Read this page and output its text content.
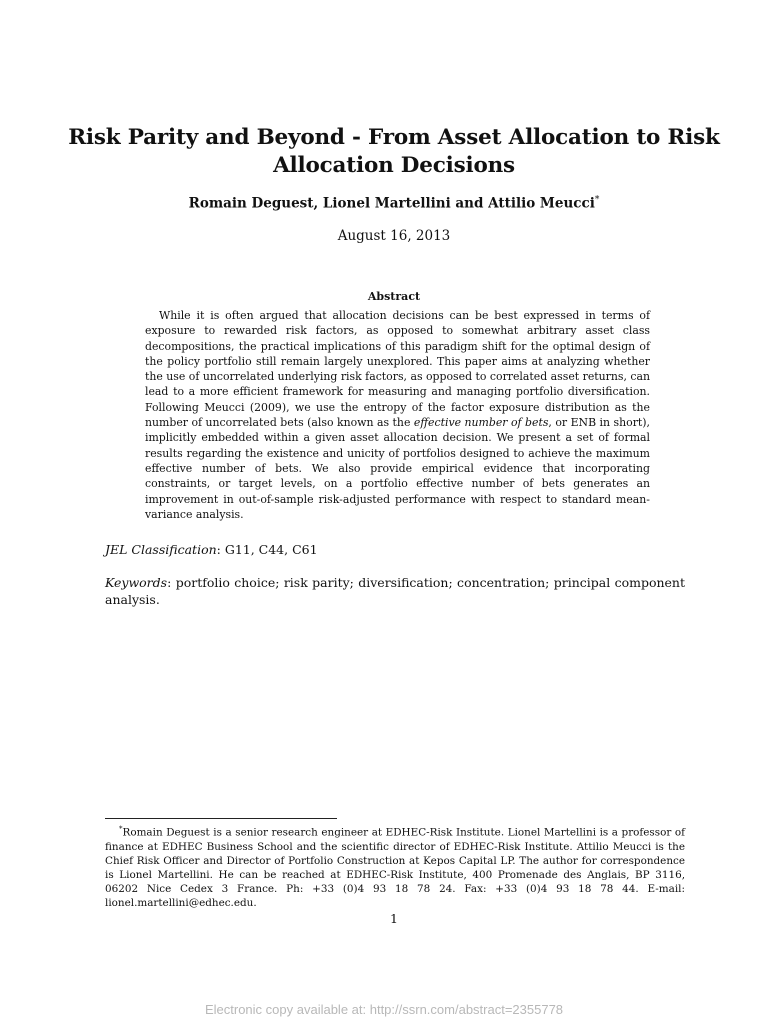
Risk Parity and Beyond - From Asset Allocation to Risk Allocation Decisions
Romain Deguest, Lionel Martellini and Attilio Meucci*
August 16, 2013
Abstract

While it is often argued that allocation decisions can be best expressed in terms of exposure to rewarded risk factors, as opposed to somewhat arbitrary asset class decompositions, the practical implications of this paradigm shift for the optimal design of the policy portfolio still remain largely unexplored. This paper aims at analyzing whether the use of uncorrelated underlying risk factors, as opposed to correlated asset returns, can lead to a more efficient framework for measuring and managing portfolio diversification. Following Meucci (2009), we use the entropy of the factor exposure distribution as the number of uncorrelated bets (also known as the effective number of bets, or ENB in short), implicitly embedded within a given asset allocation decision. We present a set of formal results regarding the existence and unicity of portfolios designed to achieve the maximum effective number of bets. We also provide empirical evidence that incorporating constraints, or target levels, on a portfolio effective number of bets generates an improvement in out-of-sample risk-adjusted performance with respect to standard mean-variance analysis.

JEL Classification: G11, C44, C61
Keywords: portfolio choice; risk parity; diversification; concentration; principal component analysis.

*Romain Deguest is a senior research engineer at EDHEC-Risk Institute. Lionel Martellini is a professor of finance at EDHEC Business School and the scientific director of EDHEC-Risk Institute. Attilio Meucci is the Chief Risk Officer and Director of Portfolio Construction at Kepos Capital LP. The author for correspondence is Lionel Martellini. He can be reached at EDHEC-Risk Institute, 400 Promenade des Anglais, BP 3116, 06202 Nice Cedex 3 France. Ph: +33 (0)4 93 18 78 24. Fax: +33 (0)4 93 18 78 44. E-mail: lionel.martellini@edhec.edu.

1
Electronic copy available at: http://ssrn.com/abstract=2355778
